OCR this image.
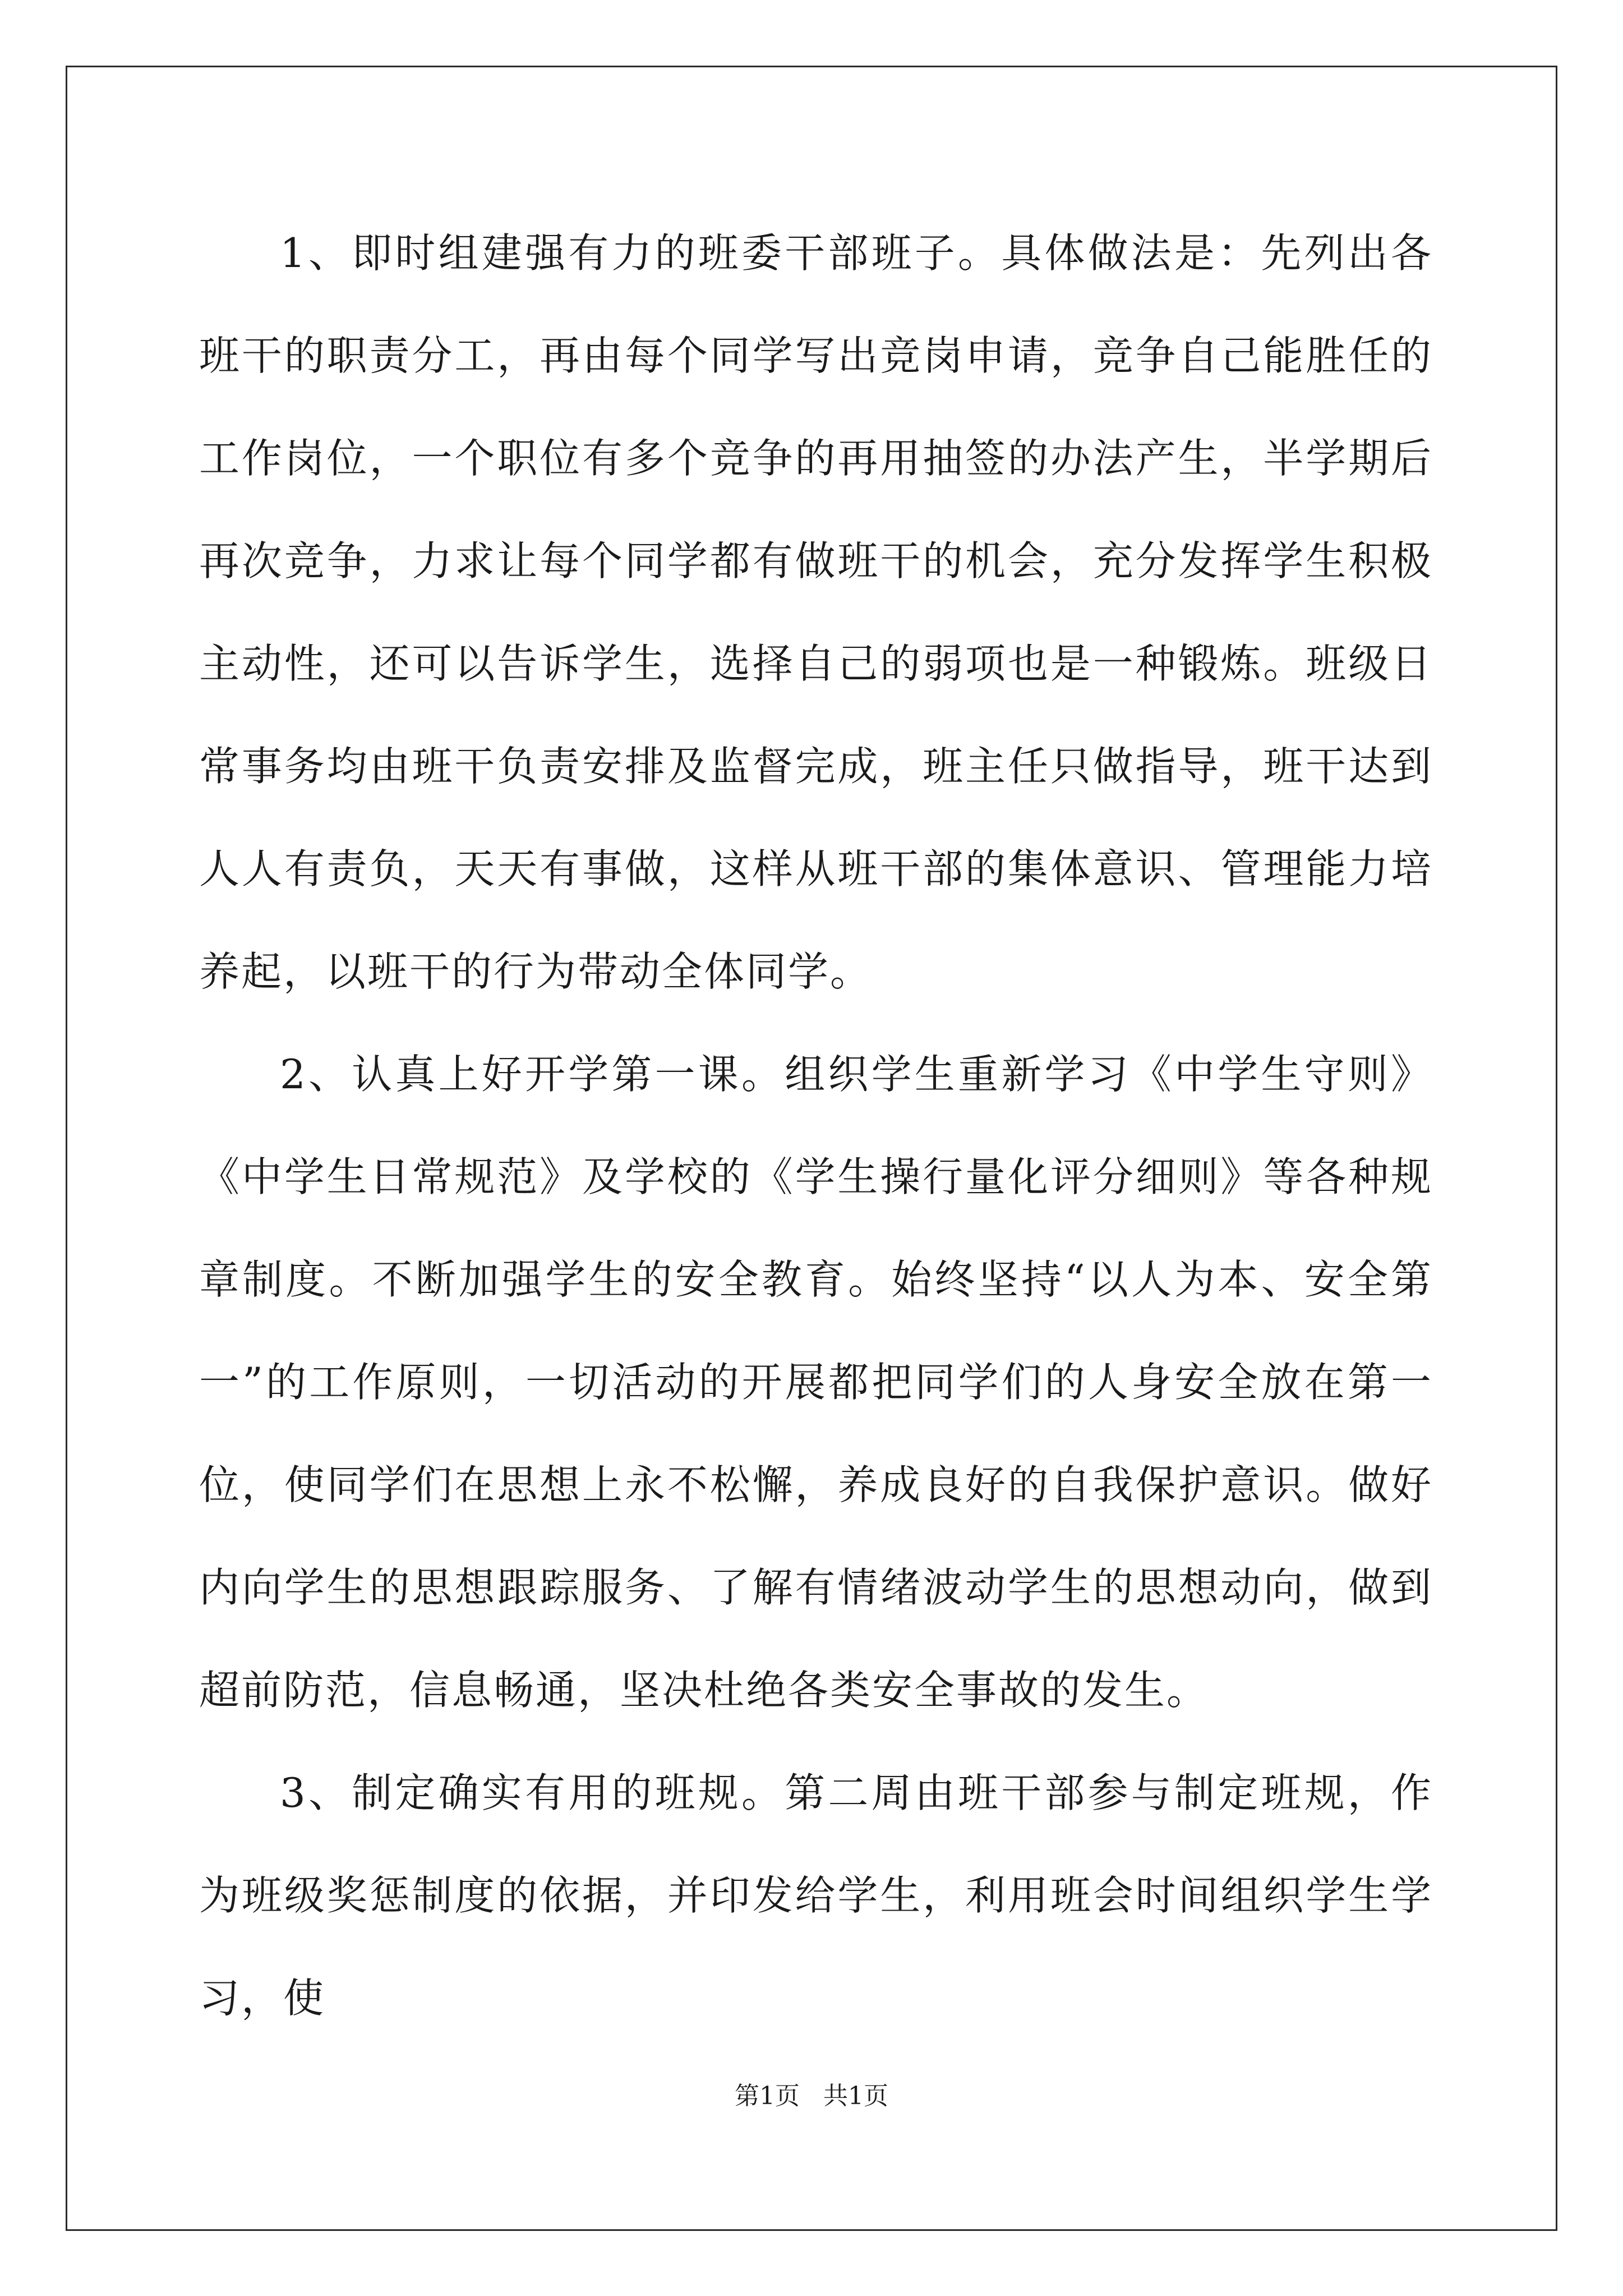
1、即时组建强有力的班委干部班子。具体做法是：先列出各班干的职责分工，再由每个同学写出竞岗申请，竞争自己能胜任的工作岗位，一个职位有多个竞争的再用抽签的办法产生，半学期后再次竞争，力求让每个同学都有做班干的机会，充分发挥学生积极主动性，还可以告诉学生，选择自己的弱项也是一种锻炼。班级日常事务均由班干负责安排及监督完成，班主任只做指导，班干达到人人有责负，天天有事做，这样从班干部的集体意识、管理能力培养起，以班干的行为带动全体同学。

2、认真上好开学第一课。组织学生重新学习《中学生守则》《中学生日常规范》及学校的《学生操行量化评分细则》等各种规章制度。不断加强学生的安全教育。始终坚持“以人为本、安全第一”的工作原则，一切活动的开展都把同学们的人身安全放在第一位，使同学们在思想上永不松懈，养成良好的自我保护意识。做好内向学生的思想跟踪服务、了解有情绪波动学生的思想动向，做到超前防范，信息畅通，坚决杜绝各类安全事故的发生。

3、制定确实有用的班规。第二周由班干部参与制定班规，作为班级奖惩制度的依据，并印发给学生，利用班会时间组织学生学习，使

第1页   共1页
